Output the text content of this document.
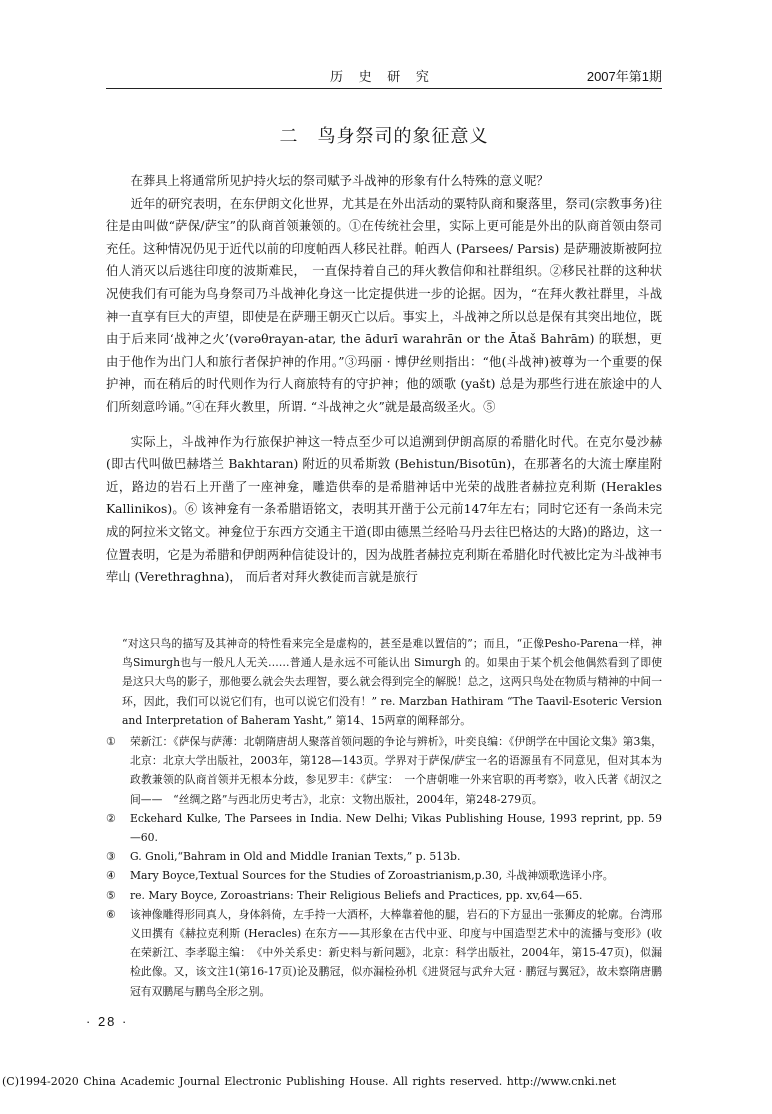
历 史 研 究	2007年第1期
二　鸟身祭司的象征意义

在葬具上将通常所见护持火坛的祭司赋予斗战神的形象有什么特殊的意义呢？

近年的研究表明，在东伊朗文化世界，尤其是在外出活动的粟特队商和聚落里，祭司(宗教事务)往往是由叫做“萨保/萨宝”的队商首领兼领的。①在传统社会里，实际上更可能是外出的队商首领由祭司充任。这种情况仍见于近代以前的印度帕西人移民社群。帕西人 (Parsees/ Parsis) 是萨珊波斯被阿拉伯人消灭以后逃往印度的波斯难民，　一直保持着自己的拜火教信仰和社群组织。②移民社群的这种状况使我们有可能为鸟身祭司乃斗战神化身这一比定提供进一步的论据。因为，“在拜火教社群里，斗战神一直享有巨大的声望，即使是在萨珊王朝灭亡以后。事实上，斗战神之所以总是保有其突出地位，既由于后来同‘战神之火’(vərəθrayan-atar, the ādurī warahrān or the Ātaš Bahrām) 的联想，更由于他作为出门人和旅行者保护神的作用。”③玛丽 · 博伊丝则指出：“他(斗战神)被尊为一个重要的保护神，而在稍后的时代则作为行人商旅特有的守护神；他的颂歌 (yašt) 总是为那些行进在旅途中的人们所刻意吟诵。”④在拜火教里，所谓. “斗战神之火”就是最高级圣火。⑤

实际上，斗战神作为行旅保护神这一特点至少可以追溯到伊朗高原的希腊化时代。在克尔曼沙赫 (即古代叫做巴赫塔兰 Bakhtaran) 附近的贝希斯敦 (Behistun/Bisotūn)，在那著名的大流士摩崖附近，路边的岩石上开凿了一座神龛，雕造供奉的是希腊神话中光荣的战胜者赫拉克利斯 (Herakles Kallinikos)。⑥ 该神龛有一条希腊语铭文，表明其开凿于公元前147年左右；同时它还有一条尚未完成的阿拉米文铭文。神龛位于东西方交通主干道(即由德黑兰经哈马丹去往巴格达的大路)的路边，这一位置表明，它是为希腊和伊朗两种信徒设计的，因为战胜者赫拉克利斯在希腊化时代被比定为斗战神韦荦山 (Verethraghna)， 而后者对拜火教徒而言就是旅行

“对这只鸟的描写及其神奇的特性看来完全是虚构的，甚至是难以置信的”；而且，“正像Pesho-Parena一样，神鸟Simurgh也与一般凡人无关……普通人是永远不可能认出 Simurgh 的。如果由于某个机会他偶然看到了即使是这只大鸟的影子，那他要么就会失去理智，要么就会得到完全的解脱！总之，这两只鸟处在物质与精神的中间一环，因此，我们可以说它们有，也可以说它们没有！” re. Marzban Hathiram “The Taavil-Esoteric Version and Interpretation of Baheram Yasht,” 第14、15两章的阐释部分。

①	荣新江：《萨保与萨薄：北朝隋唐胡人聚落首领问题的争论与辨析》，叶奕良编：《伊朗学在中国论文集》第3集，北京：北京大学出版社，2003年，第128—143页。学界对于萨保/萨宝一名的语源虽有不同意见，但对其本为政教兼领的队商首领并无根本分歧，参见罗丰：《萨宝：　一个唐朝唯一外来官职的再考察》，收入氏著《胡汉之间——　“丝绸之路”与西北历史考古》，北京：文物出版社，2004年，第248-279页。
②	Eckehard Kulke, The Parsees in India. New Delhi; Vikas Publishing House, 1993 reprint, pp. 59—60.
③	G. Gnoli,“Bahram in Old and Middle Iranian Texts,” p. 513b.
④	Mary Boyce,Textual Sources for the Studies of Zoroastrianism,p.30, 斗战神颂歌选译小序。
⑤	re. Mary Boyce, Zoroastrians: Their Religious Beliefs and Practices, pp. xv,64—65.
⑥	该神像雕得形同真人，身体斜倚，左手持一大酒杯，大棒靠着他的腿，岩石的下方显出一张狮皮的轮廓。台湾邢义田撰有《赫拉克利斯 (Heracles) 在东方——其形象在古代中亚、印度与中国造型艺术中的流播与变形》(收在荣新江、李孝聪主编：　《中外关系史：新史料与新问题》，北京：科学出版社，2004年，第15-47页)，似漏检此像。又，该文注1(第16-17页)论及鹏冠，似亦漏检孙机《进贤冠与武弁大冠 · 鹏冠与翼冠》，故未察隋唐鹏冠有双鹏尾与鹏鸟全形之别。
· 28 ·
(C)1994-2020 China Academic Journal Electronic Publishing House. All rights reserved. http://www.cnki.net
